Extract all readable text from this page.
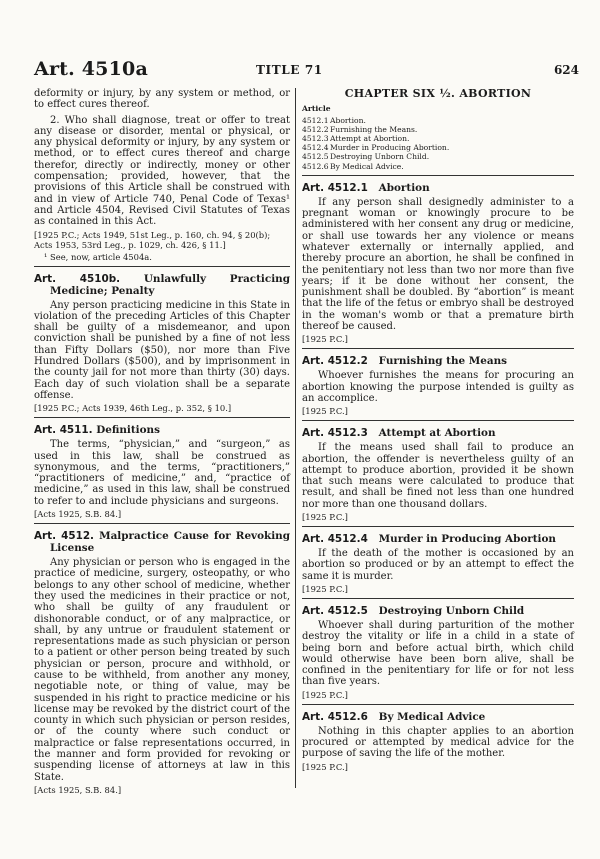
Art. 4510a	TITLE 71	624

deformity or injury, by any system or method, or to effect cures thereof.

2. Who shall diagnose, treat or offer to treat any disease or disorder, mental or physical, or any physical deformity or injury, by any system or method, or to effect cures thereof and charge therefor, directly or indirectly, money or other compensation; provided, however, that the provisions of this Article shall be construed with and in view of Article 740, Penal Code of Texas¹ and Article 4504, Revised Civil Statutes of Texas as contained in this Act.

[1925 P.C.; Acts 1949, 51st Leg., p. 160, ch. 94, § 20(b); Acts 1953, 53rd Leg., p. 1029, ch. 426, § 11.]

¹ See, now, article 4504a.

Art. 4510b. Unlawfully Practicing Medicine; Penalty

Any person practicing medicine in this State in violation of the preceding Articles of this Chapter shall be guilty of a misdemeanor, and upon conviction shall be punished by a fine of not less than Fifty Dollars ($50), nor more than Five Hundred Dollars ($500), and by imprisonment in the county jail for not more than thirty (30) days. Each day of such violation shall be a separate offense.

[1925 P.C.; Acts 1939, 46th Leg., p. 352, § 10.]

Art. 4511. Definitions

The terms, “physician,” and “surgeon,” as used in this law, shall be construed as synonymous, and the terms, “practitioners,” “practitioners of medicine,” and, “practice of medicine,” as used in this law, shall be construed to refer to and include physicians and surgeons.

[Acts 1925, S.B. 84.]

Art. 4512. Malpractice Cause for Revoking License

Any physician or person who is engaged in the practice of medicine, surgery, osteopathy, or who belongs to any other school of medicine, whether they used the medicines in their practice or not, who shall be guilty of any fraudulent or dishonorable conduct, or of any malpractice, or shall, by any untrue or fraudulent statement or representations made as such physician or person to a patient or other person being treated by such physician or person, procure and withhold, or cause to be withheld, from another any money, negotiable note, or thing of value, may be suspended in his right to practice medicine or his license may be revoked by the district court of the county in which such physician or person resides, or of the county where such conduct or malpractice or false representations occurred, in the manner and form provided for revoking or suspending license of attorneys at law in this State.

[Acts 1925, S.B. 84.]

CHAPTER SIX ½. ABORTION

Article
4512.1Abortion.
4512.2Furnishing the Means.
4512.3Attempt at Abortion.
4512.4Murder in Producing Abortion.
4512.5Destroying Unborn Child.
4512.6By Medical Advice.

Art. 4512.1 Abortion

If any person shall designedly administer to a pregnant woman or knowingly procure to be administered with her consent any drug or medicine, or shall use towards her any violence or means whatever externally or internally applied, and thereby procure an abortion, he shall be confined in the penitentiary not less than two nor more than five years; if it be done without her consent, the punishment shall be doubled. By “abortion” is meant that the life of the fetus or embryo shall be destroyed in the woman's womb or that a premature birth thereof be caused.

[1925 P.C.]

Art. 4512.2 Furnishing the Means

Whoever furnishes the means for procuring an abortion knowing the purpose intended is guilty as an accomplice.

[1925 P.C.]

Art. 4512.3 Attempt at Abortion

If the means used shall fail to produce an abortion, the offender is nevertheless guilty of an attempt to produce abortion, provided it be shown that such means were calculated to produce that result, and shall be fined not less than one hundred nor more than one thousand dollars.

[1925 P.C.]

Art. 4512.4 Murder in Producing Abortion

If the death of the mother is occasioned by an abortion so produced or by an attempt to effect the same it is murder.

[1925 P.C.]

Art. 4512.5 Destroying Unborn Child

Whoever shall during parturition of the mother destroy the vitality or life in a child in a state of being born and before actual birth, which child would otherwise have been born alive, shall be confined in the penitentiary for life or for not less than five years.

[1925 P.C.]

Art. 4512.6 By Medical Advice

Nothing in this chapter applies to an abortion procured or attempted by medical advice for the purpose of saving the life of the mother.

[1925 P.C.]
